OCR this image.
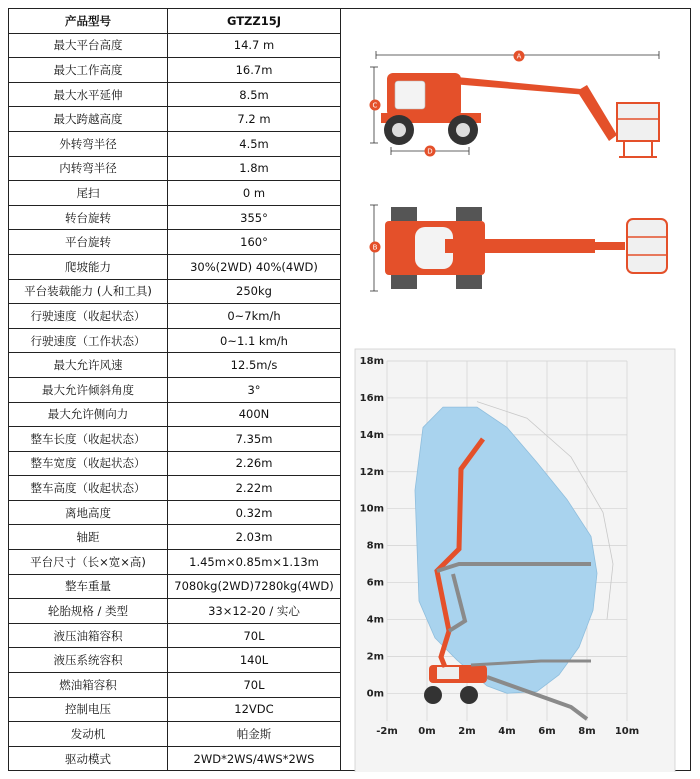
产品型号	GTZZ15J
最大平台高度	14.7 m
最大工作高度	16.7m
最大水平延伸	8.5m
最大跨越高度	7.2 m
外转弯半径	4.5m
内转弯半径	1.8m
尾扫	0 m
转台旋转	355°
平台旋转	160°
爬坡能力	30%(2WD) 40%(4WD)
平台装载能力 (人和工具)	250kg
行驶速度（收起状态）	0~7km/h
行驶速度（工作状态）	0~1.1 km/h
最大允许风速	12.5m/s
最大允许倾斜角度	3°
最大允许侧向力	400N
整车长度（收起状态）	7.35m
整车宽度（收起状态）	2.26m
整车高度（收起状态）	2.22m
离地高度	0.32m
轴距	2.03m
平台尺寸（长×宽×高)	1.45m×0.85m×1.13m
整车重量	7080kg(2WD)7280kg(4WD)
轮胎规格 / 类型	33×12-20 / 实心
液压油箱容积	70L
液压系统容积	140L
燃油箱容积	70L
控制电压	12VDC
发动机	帕金斯
驱动模式	2WD*2WS/4WS*2WS
A
C
D
B
-2m 0m 2m 4m 6m 8m 10m
18m
16m
14m
12m
10m
8m
6m
4m
2m
0m
